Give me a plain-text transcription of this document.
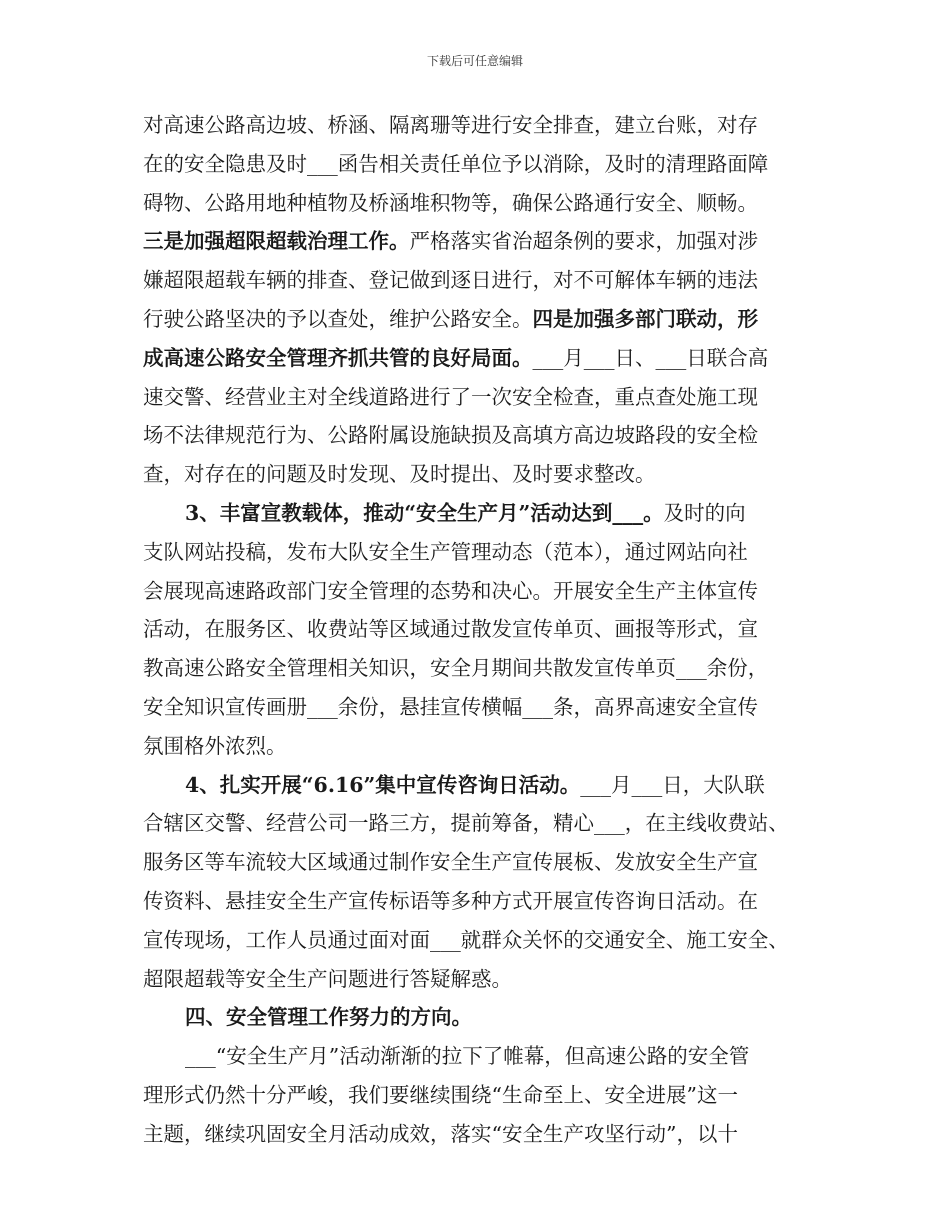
下载后可任意编辑
对高速公路高边坡、桥涵、隔离珊等进行安全排查，建立台账，对存
在的安全隐患及时___函告相关责任单位予以消除，及时的清理路面障
碍物、公路用地种植物及桥涵堆积物等，确保公路通行安全、顺畅。
三是加强超限超载治理工作。严格落实省治超条例的要求，加强对涉
嫌超限超载车辆的排查、登记做到逐日进行，对不可解体车辆的违法
行驶公路坚决的予以查处，维护公路安全。四是加强多部门联动，形
成高速公路安全管理齐抓共管的良好局面。___月___日、___日联合高
速交警、经营业主对全线道路进行了一次安全检查，重点查处施工现
场不法律规范行为、公路附属设施缺损及高填方高边坡路段的安全检
查，对存在的问题及时发现、及时提出、及时要求整改。
3、丰富宣教载体，推动“安全生产月”活动达到___。及时的向
支队网站投稿，发布大队安全生产管理动态（范本），通过网站向社
会展现高速路政部门安全管理的态势和决心。开展安全生产主体宣传
活动，在服务区、收费站等区域通过散发宣传单页、画报等形式，宣
教高速公路安全管理相关知识，安全月期间共散发宣传单页___余份，
安全知识宣传画册___余份，悬挂宣传横幅___条，高界高速安全宣传
氛围格外浓烈。
4、扎实开展“6.16”集中宣传咨询日活动。___月___日，大队联
合辖区交警、经营公司一路三方，提前筹备，精心___，在主线收费站、
服务区等车流较大区域通过制作安全生产宣传展板、发放安全生产宣
传资料、悬挂安全生产宣传标语等多种方式开展宣传咨询日活动。在
宣传现场，工作人员通过面对面___就群众关怀的交通安全、施工安全、
超限超载等安全生产问题进行答疑解惑。
四、安全管理工作努力的方向。
___“安全生产月”活动渐渐的拉下了帷幕，但高速公路的安全管
理形式仍然十分严峻，我们要继续围绕“生命至上、安全进展”这一
主题，继续巩固安全月活动成效，落实“安全生产攻坚行动”，以十
